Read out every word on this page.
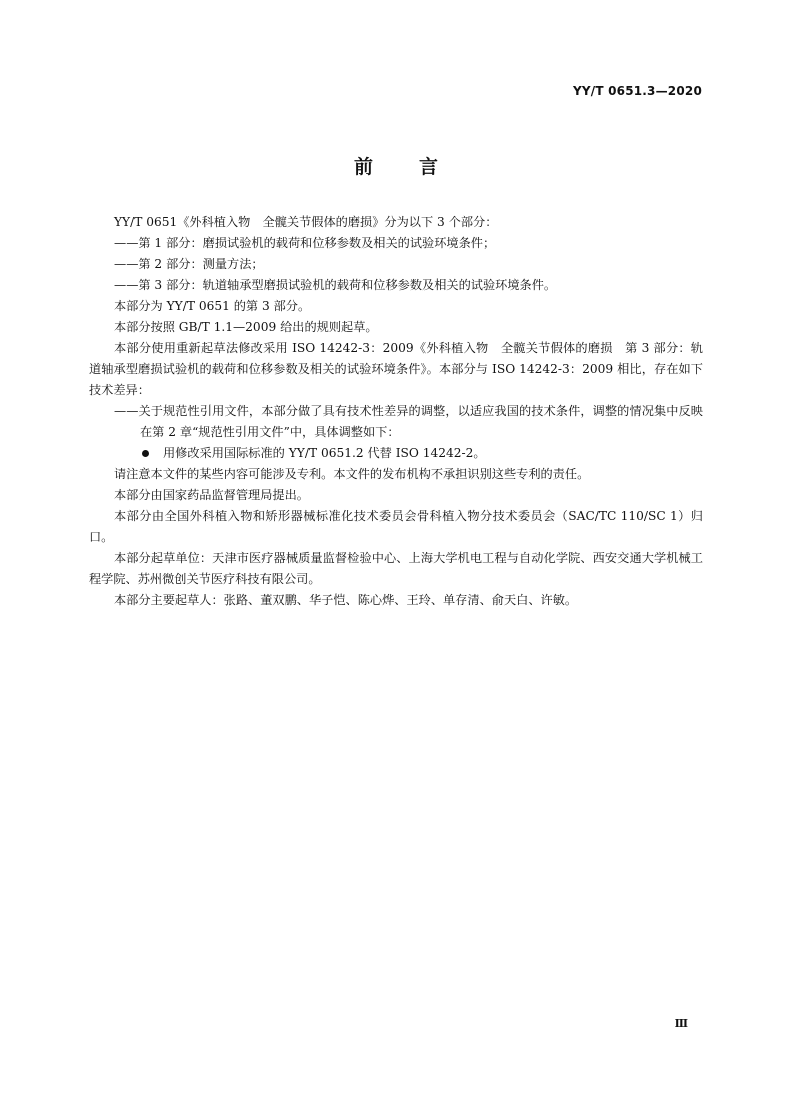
YY/T 0651.3—2020
前言

YY/T 0651《外科植入物　全髋关节假体的磨损》分为以下 3 个部分：

——第 1 部分：磨损试验机的载荷和位移参数及相关的试验环境条件；

——第 2 部分：测量方法；

——第 3 部分：轨道轴承型磨损试验机的载荷和位移参数及相关的试验环境条件。

本部分为 YY/T 0651 的第 3 部分。

本部分按照 GB/T 1.1—2009 给出的规则起草。

本部分使用重新起草法修改采用 ISO 14242-3：2009《外科植入物　全髋关节假体的磨损　第 3 部分：轨道轴承型磨损试验机的载荷和位移参数及相关的试验环境条件》。本部分与 ISO 14242-3：2009 相比，存在如下技术差异：

——关于规范性引用文件，本部分做了具有技术性差异的调整，以适应我国的技术条件，调整的情况集中反映在第 2 章“规范性引用文件”中，具体调整如下：

用修改采用国际标准的 YY/T 0651.2 代替 ISO 14242-2。

请注意本文件的某些内容可能涉及专利。本文件的发布机构不承担识别这些专利的责任。

本部分由国家药品监督管理局提出。

本部分由全国外科植入物和矫形器械标准化技术委员会骨科植入物分技术委员会（SAC/TC 110/SC 1）归口。

本部分起草单位：天津市医疗器械质量监督检验中心、上海大学机电工程与自动化学院、西安交通大学机械工程学院、苏州微创关节医疗科技有限公司。

本部分主要起草人：张路、董双鹏、华子恺、陈心烨、王玲、单存清、俞天白、许敏。

Ⅲ
